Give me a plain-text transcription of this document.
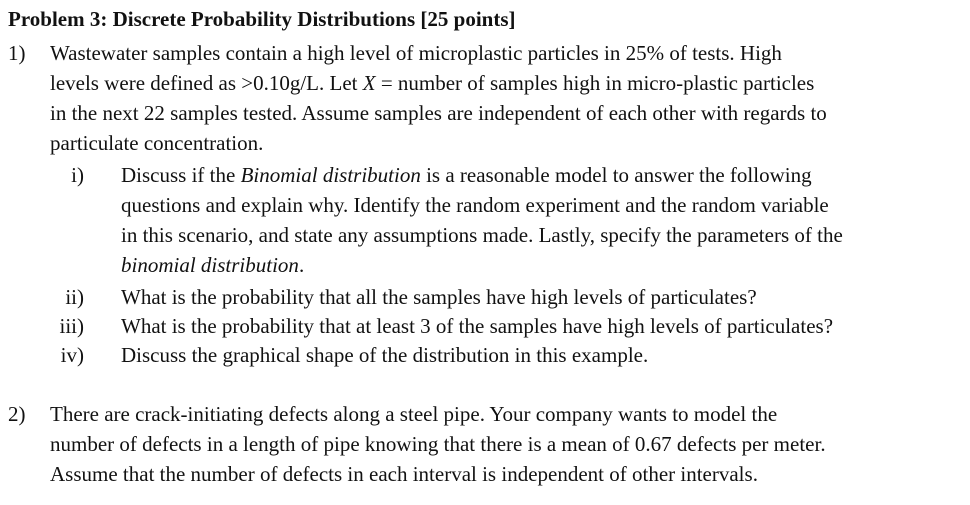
Problem 3: Discrete Probability Distributions [25 points]
1) Wastewater samples contain a high level of microplastic particles in 25% of tests. High
levels were defined as >0.10g/L. Let X = number of samples high in micro-plastic particles
in the next 22 samples tested. Assume samples are independent of each other with regards to
particulate concentration.
i) Discuss if the Binomial distribution is a reasonable model to answer the following
questions and explain why. Identify the random experiment and the random variable
in this scenario, and state any assumptions made. Lastly, specify the parameters of the
binomial distribution.
ii) What is the probability that all the samples have high levels of particulates?
iii) What is the probability that at least 3 of the samples have high levels of particulates?
iv) Discuss the graphical shape of the distribution in this example.
2) There are crack-initiating defects along a steel pipe. Your company wants to model the
number of defects in a length of pipe knowing that there is a mean of 0.67 defects per meter.
Assume that the number of defects in each interval is independent of other intervals.
